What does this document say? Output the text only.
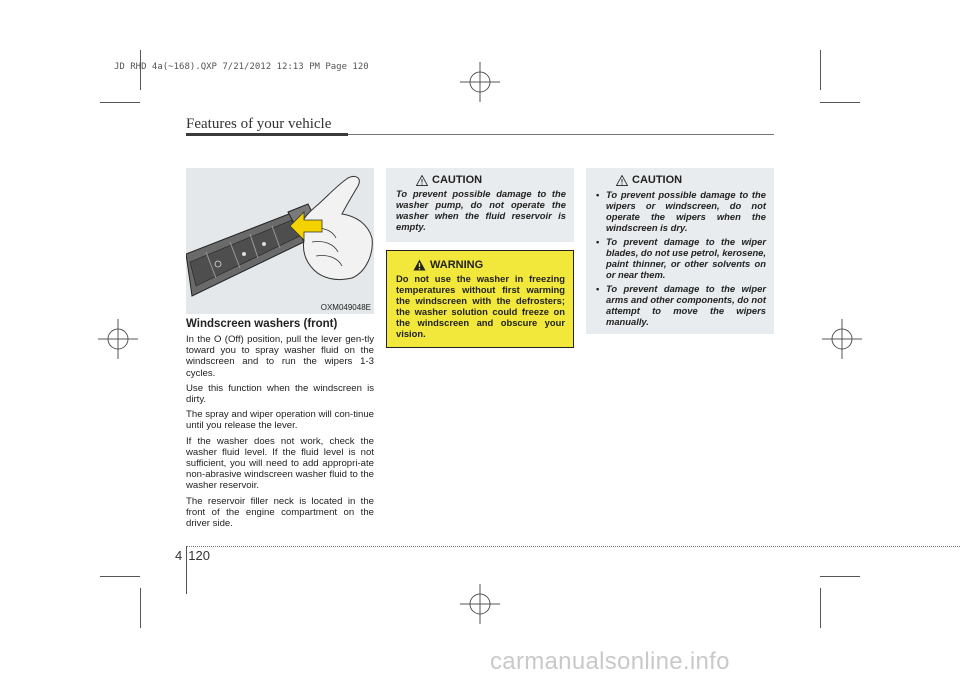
JD RHD 4a(~168).QXP 7/21/2012 12:13 PM Page 120
Features of your vehicle
OXM049048E
Windscreen washers (front)

In the O (Off) position, pull the lever gen-tly toward you to spray washer fluid on the windscreen and to run the wipers 1-3 cycles.

Use this function when the windscreen is dirty.

The spray and wiper operation will con-tinue until you release the lever.

If the washer does not work, check the washer fluid level. If the fluid level is not sufficient, you will need to add appropri-ate non-abrasive windscreen washer fluid to the washer reservoir.

The reservoir filler neck is located in the front of the engine compartment on the driver side.

CAUTION
To prevent possible damage to the washer pump, do not operate the washer when the fluid reservoir is empty.
WARNING
Do not use the washer in freezing temperatures without first warming the windscreen with the defrosters; the washer solution could freeze on the windscreen and obscure your vision.
CAUTION
• To prevent possible damage to the wipers or windscreen, do not operate the wipers when the windscreen is dry.
• To prevent damage to the wiper blades, do not use petrol, kerosene, paint thinner, or other solvents on or near them.
• To prevent damage to the wiper arms and other components, do not attempt to move the wipers manually.
4 120
carmanualsonline.info
